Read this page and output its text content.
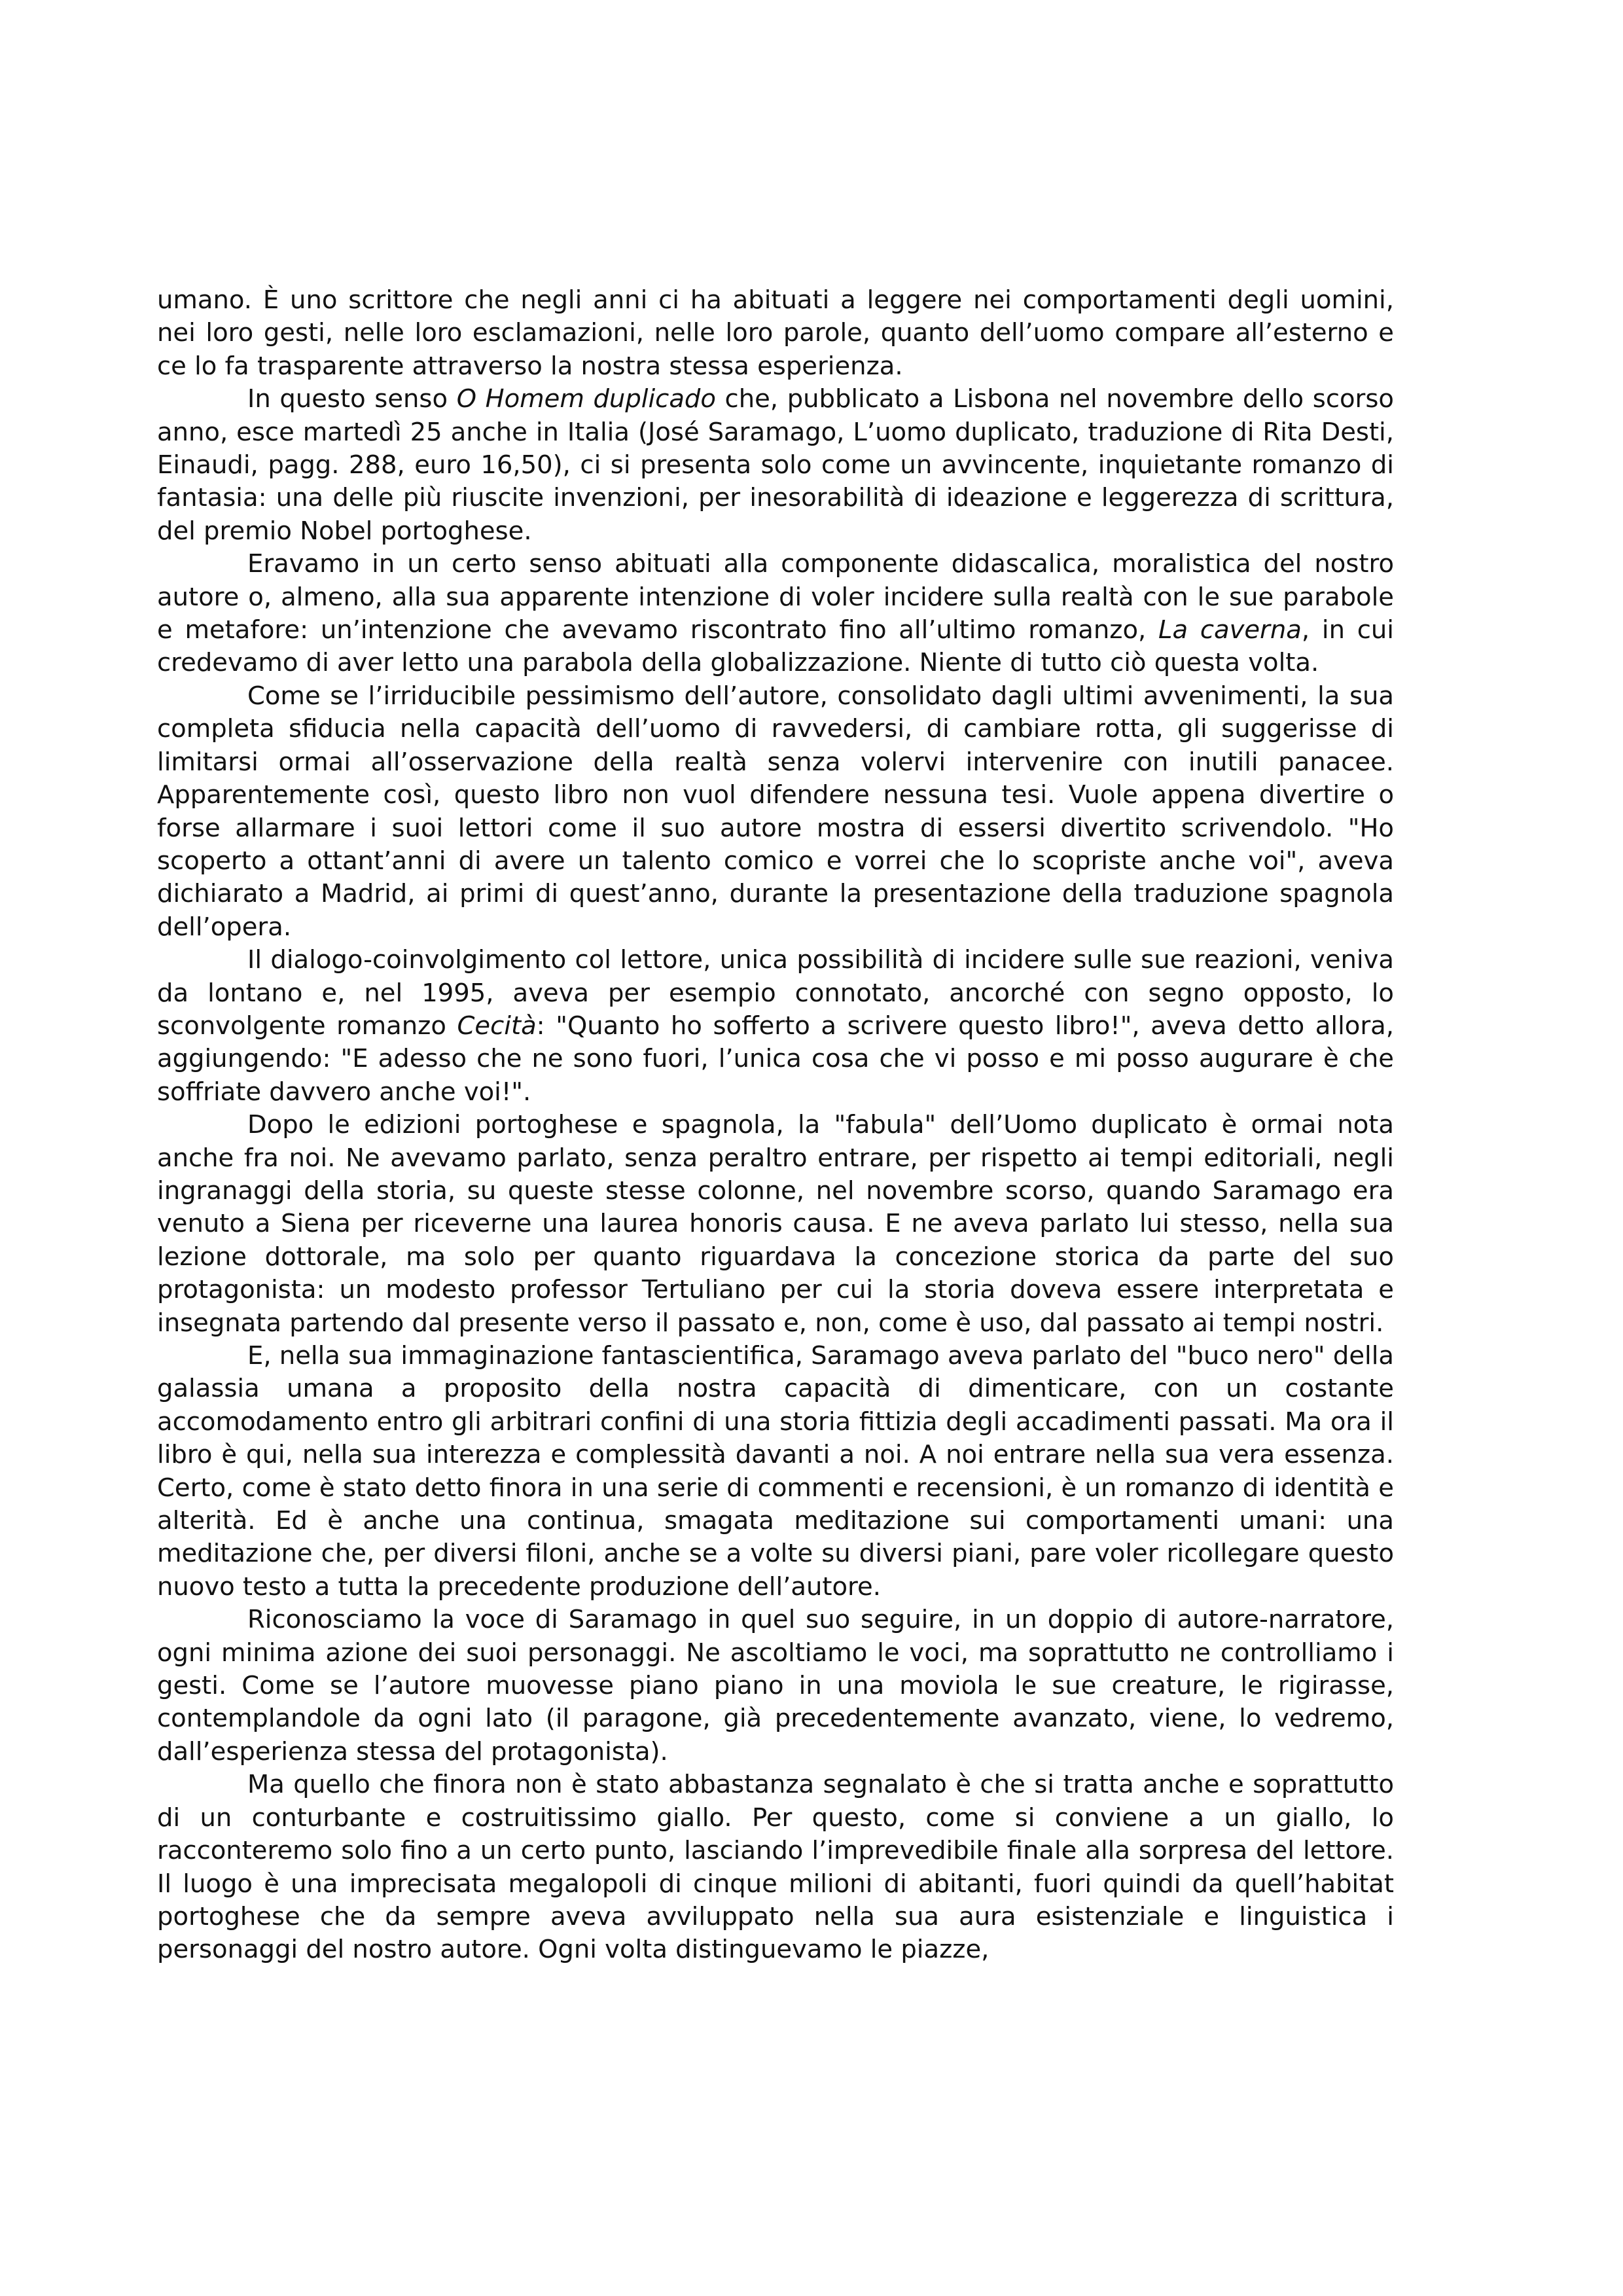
umano. È uno scrittore che negli anni ci ha abituati a leggere nei comportamenti degli uomini, nei loro gesti, nelle loro esclamazioni, nelle loro parole, quanto dell’uomo compare all’esterno e ce lo fa trasparente attraverso la nostra stessa esperienza.

In questo senso O Homem duplicado che, pubblicato a Lisbona nel novembre dello scorso anno, esce martedì 25 anche in Italia (José Saramago, L’uomo duplicato, traduzione di Rita Desti, Einaudi, pagg. 288, euro 16,50), ci si presenta solo come un avvincente, inquietante romanzo di fantasia: una delle più riuscite invenzioni, per inesorabilità di ideazione e leggerezza di scrittura, del premio Nobel portoghese.

Eravamo in un certo senso abituati alla componente didascalica, moralistica del nostro autore o, almeno, alla sua apparente intenzione di voler incidere sulla realtà con le sue parabole e metafore: un’intenzione che avevamo riscontrato fino all’ultimo romanzo, La caverna, in cui credevamo di aver letto una parabola della globalizzazione. Niente di tutto ciò questa volta.

Come se l’irriducibile pessimismo dell’autore, consolidato dagli ultimi avvenimenti, la sua completa sfiducia nella capacità dell’uomo di ravvedersi, di cambiare rotta, gli suggerisse di limitarsi ormai all’osservazione della realtà senza volervi intervenire con inutili panacee. Apparentemente così, questo libro non vuol difendere nessuna tesi. Vuole appena divertire o forse allarmare i suoi lettori come il suo autore mostra di essersi divertito scrivendolo. "Ho scoperto a ottant’anni di avere un talento comico e vorrei che lo scopriste anche voi", aveva dichiarato a Madrid, ai primi di quest’anno, durante la presentazione della traduzione spagnola dell’opera.

Il dialogo-coinvolgimento col lettore, unica possibilità di incidere sulle sue reazioni, veniva da lontano e, nel 1995, aveva per esempio connotato, ancorché con segno opposto, lo sconvolgente romanzo Cecità: "Quanto ho sofferto a scrivere questo libro!", aveva detto allora, aggiungendo: "E adesso che ne sono fuori, l’unica cosa che vi posso e mi posso augurare è che soffriate davvero anche voi!".

Dopo le edizioni portoghese e spagnola, la "fabula" dell’Uomo duplicato è ormai nota anche fra noi. Ne avevamo parlato, senza peraltro entrare, per rispetto ai tempi editoriali, negli ingranaggi della storia, su queste stesse colonne, nel novembre scorso, quando Saramago era venuto a Siena per riceverne una laurea honoris causa. E ne aveva parlato lui stesso, nella sua lezione dottorale, ma solo per quanto riguardava la concezione storica da parte del suo protagonista: un modesto professor Tertuliano per cui la storia doveva essere interpretata e insegnata partendo dal presente verso il passato e, non, come è uso, dal passato ai tempi nostri.

E, nella sua immaginazione fantascientifica, Saramago aveva parlato del "buco nero" della galassia umana a proposito della nostra capacità di dimenticare, con un costante accomodamento entro gli arbitrari confini di una storia fittizia degli accadimenti passati. Ma ora il libro è qui, nella sua interezza e complessità davanti a noi. A noi entrare nella sua vera essenza. Certo, come è stato detto finora in una serie di commenti e recensioni, è un romanzo di identità e alterità. Ed è anche una continua, smagata meditazione sui comportamenti umani: una meditazione che, per diversi filoni, anche se a volte su diversi piani, pare voler ricollegare questo nuovo testo a tutta la precedente produzione dell’autore.

Riconosciamo la voce di Saramago in quel suo seguire, in un doppio di autore-narratore, ogni minima azione dei suoi personaggi. Ne ascoltiamo le voci, ma soprattutto ne controlliamo i gesti. Come se l’autore muovesse piano piano in una moviola le sue creature, le rigirasse, contemplandole da ogni lato (il paragone, già precedentemente avanzato, viene, lo vedremo, dall’esperienza stessa del protagonista).

Ma quello che finora non è stato abbastanza segnalato è che si tratta anche e soprattutto di un conturbante e costruitissimo giallo. Per questo, come si conviene a un giallo, lo racconteremo solo fino a un certo punto, lasciando l’imprevedibile finale alla sorpresa del lettore. Il luogo è una imprecisata megalopoli di cinque milioni di abitanti, fuori quindi da quell’habitat portoghese che da sempre aveva avviluppato nella sua aura esistenziale e linguistica i personaggi del nostro autore. Ogni volta distinguevamo le piazze,
